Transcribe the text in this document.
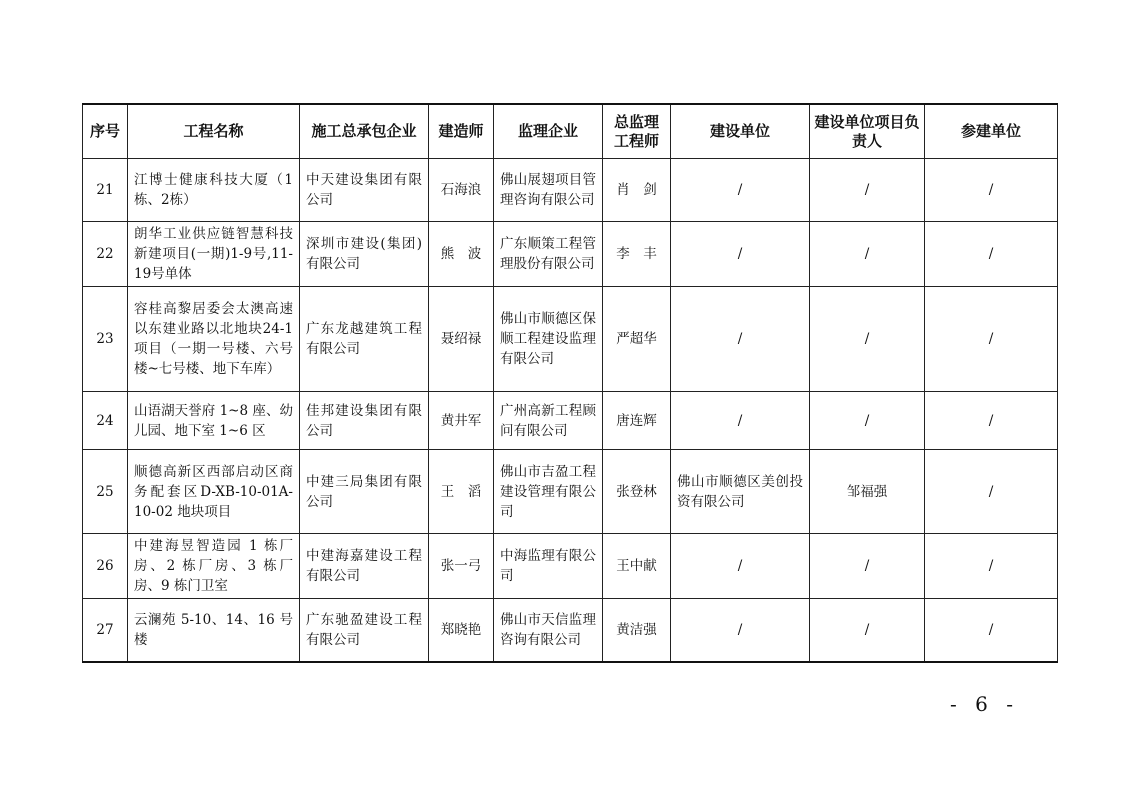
序号	工程名称	施工总承包企业	建造师	监理企业	总监理工程师	建设单位	建设单位项目负责人	参建单位
21	江博士健康科技大厦（1栋、2栋）	中天建设集团有限公司	石海浪	佛山展翅项目管理咨询有限公司	肖　剑	/	/	/
22	朗华工业供应链智慧科技新建项目(一期)1-9号,11-19号单体	深圳市建设(集团)有限公司	熊　波	广东顺策工程管理股份有限公司	李　丰	/	/	/
23	容桂高黎居委会太澳高速以东建业路以北地块24-1项目（一期一号楼、六号楼~七号楼、地下车库）	广东龙越建筑工程有限公司	聂绍禄	佛山市顺德区保顺工程建设监理有限公司	严超华	/	/	/
24	山语湖天誉府 1~8 座、幼儿园、地下室 1~6 区	佳邦建设集团有限公司	黄井军	广州高新工程顾问有限公司	唐连辉	/	/	/
25	顺德高新区西部启动区商务配套区D-XB-10-01A-10-02 地块项目	中建三局集团有限公司	王　滔	佛山市吉盈工程建设管理有限公司	张登林	佛山市顺德区美创投资有限公司	邹福强	/
26	中建海昱智造园 1 栋厂房、2 栋厂房、3 栋厂房、9 栋门卫室	中建海嘉建设工程有限公司	张一弓	中海监理有限公司	王中献	/	/	/
27	云澜苑 5-10、14、16 号楼	广东驰盈建设工程有限公司	郑晓艳	佛山市天信监理咨询有限公司	黄洁强	/	/	/
- 6 -
